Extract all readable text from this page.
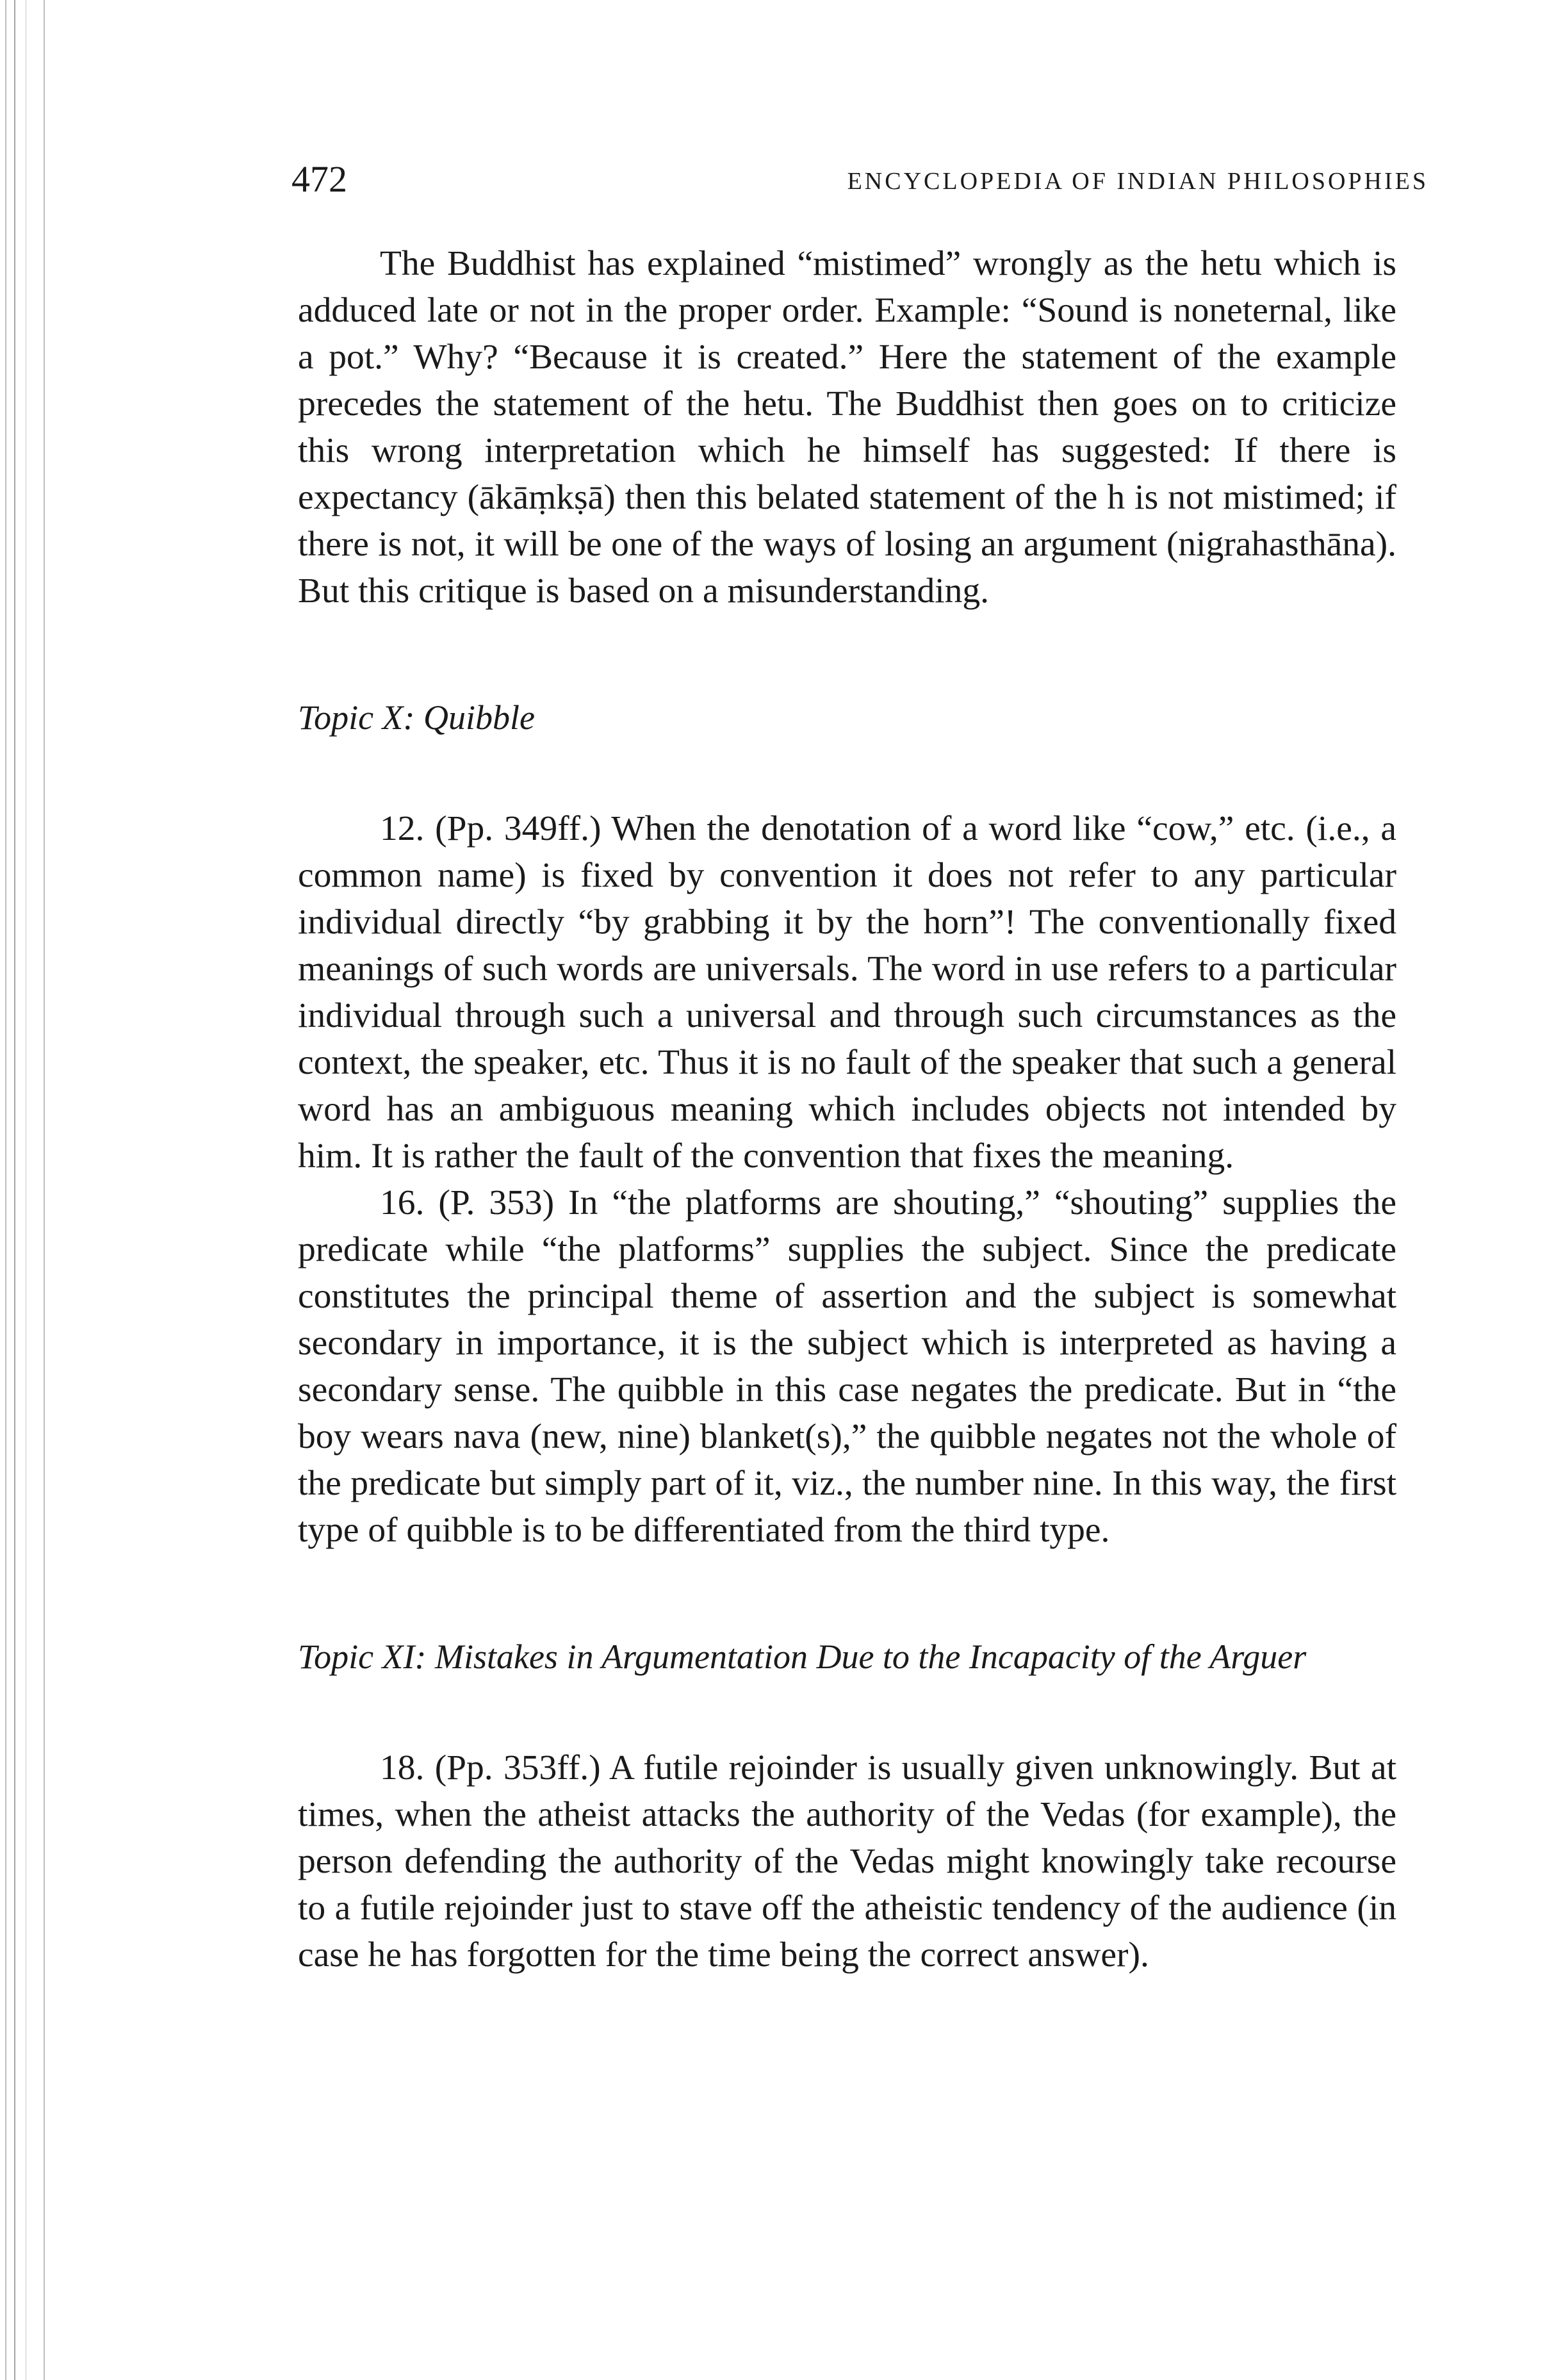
472	ENCYCLOPEDIA OF INDIAN PHILOSOPHIES

The Buddhist has explained “mistimed” wrongly as the hetu which is adduced late or not in the proper order. Example: “Sound is noneternal, like a pot.” Why? “Because it is created.” Here the statement of the example precedes the statement of the hetu. The Buddhist then goes on to criticize this wrong interpretation which he himself has suggested: If there is expectancy (ākāṃkṣā) then this belated statement of the h is not mistimed; if there is not, it will be one of the ways of losing an argument (nigrahasthāna). But this critique is based on a misunderstanding.

Topic X: Quibble

12. (Pp. 349ff.) When the denotation of a word like “cow,” etc. (i.e., a common name) is fixed by convention it does not refer to any particular individual directly “by grabbing it by the horn”! The conventionally fixed meanings of such words are universals. The word in use refers to a particular individual through such a universal and through such circumstances as the context, the speaker, etc. Thus it is no fault of the speaker that such a general word has an ambiguous meaning which includes objects not intended by him. It is rather the fault of the convention that fixes the meaning.

16. (P. 353) In “the platforms are shouting,” “shouting” supplies the predicate while “the platforms” supplies the subject. Since the predicate constitutes the principal theme of assertion and the subject is somewhat secondary in importance, it is the subject which is interpreted as having a secondary sense. The quibble in this case negates the predicate. But in “the boy wears nava (new, nine) blanket(s),” the quibble negates not the whole of the predicate but simply part of it, viz., the number nine. In this way, the first type of quibble is to be differentiated from the third type.

Topic XI: Mistakes in Argumentation Due to the Incapacity of the Arguer

18. (Pp. 353ff.) A futile rejoinder is usually given unknowingly. But at times, when the atheist attacks the authority of the Vedas (for example), the person defending the authority of the Vedas might knowingly take recourse to a futile rejoinder just to stave off the atheistic tendency of the audience (in case he has forgotten for the time being the correct answer).
